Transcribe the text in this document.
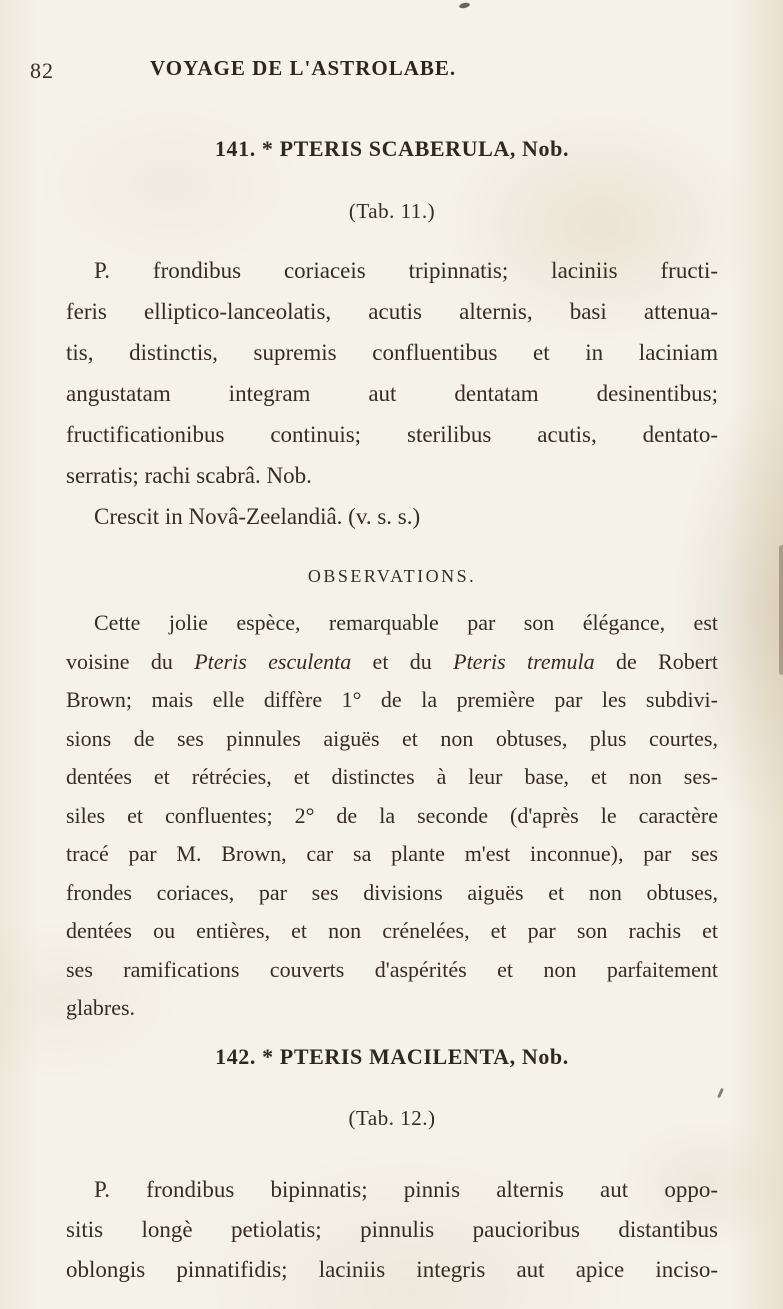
82	VOYAGE DE L'ASTROLABE.
141. * PTERIS SCABERULA, Nob.
(Tab. 11.)
P. frondibus coriaceis tripinnatis; laciniis fructi-
feris elliptico-lanceolatis, acutis alternis, basi attenua-
tis, distinctis, supremis confluentibus et in laciniam
angustatam integram aut dentatam desinentibus;
fructificationibus continuis; sterilibus acutis, dentato-
serratis; rachi scabrâ. Nob.
Crescit in Novâ-Zeelandiâ. (v. s. s.)
OBSERVATIONS.
Cette jolie espèce, remarquable par son élégance, est
voisine du Pteris esculenta et du Pteris tremula de Robert
Brown; mais elle diffère 1° de la première par les subdivi-
sions de ses pinnules aiguës et non obtuses, plus courtes,
dentées et rétrécies, et distinctes à leur base, et non ses-
siles et confluentes; 2° de la seconde (d'après le caractère
tracé par M. Brown, car sa plante m'est inconnue), par ses
frondes coriaces, par ses divisions aiguës et non obtuses,
dentées ou entières, et non crénelées, et par son rachis et
ses ramifications couverts d'aspérités et non parfaitement
glabres.
142. * PTERIS MACILENTA, Nob.
(Tab. 12.)
P. frondibus bipinnatis; pinnis alternis aut oppo-
sitis longè petiolatis; pinnulis paucioribus distantibus
oblongis pinnatifidis; laciniis integris aut apice inciso-
